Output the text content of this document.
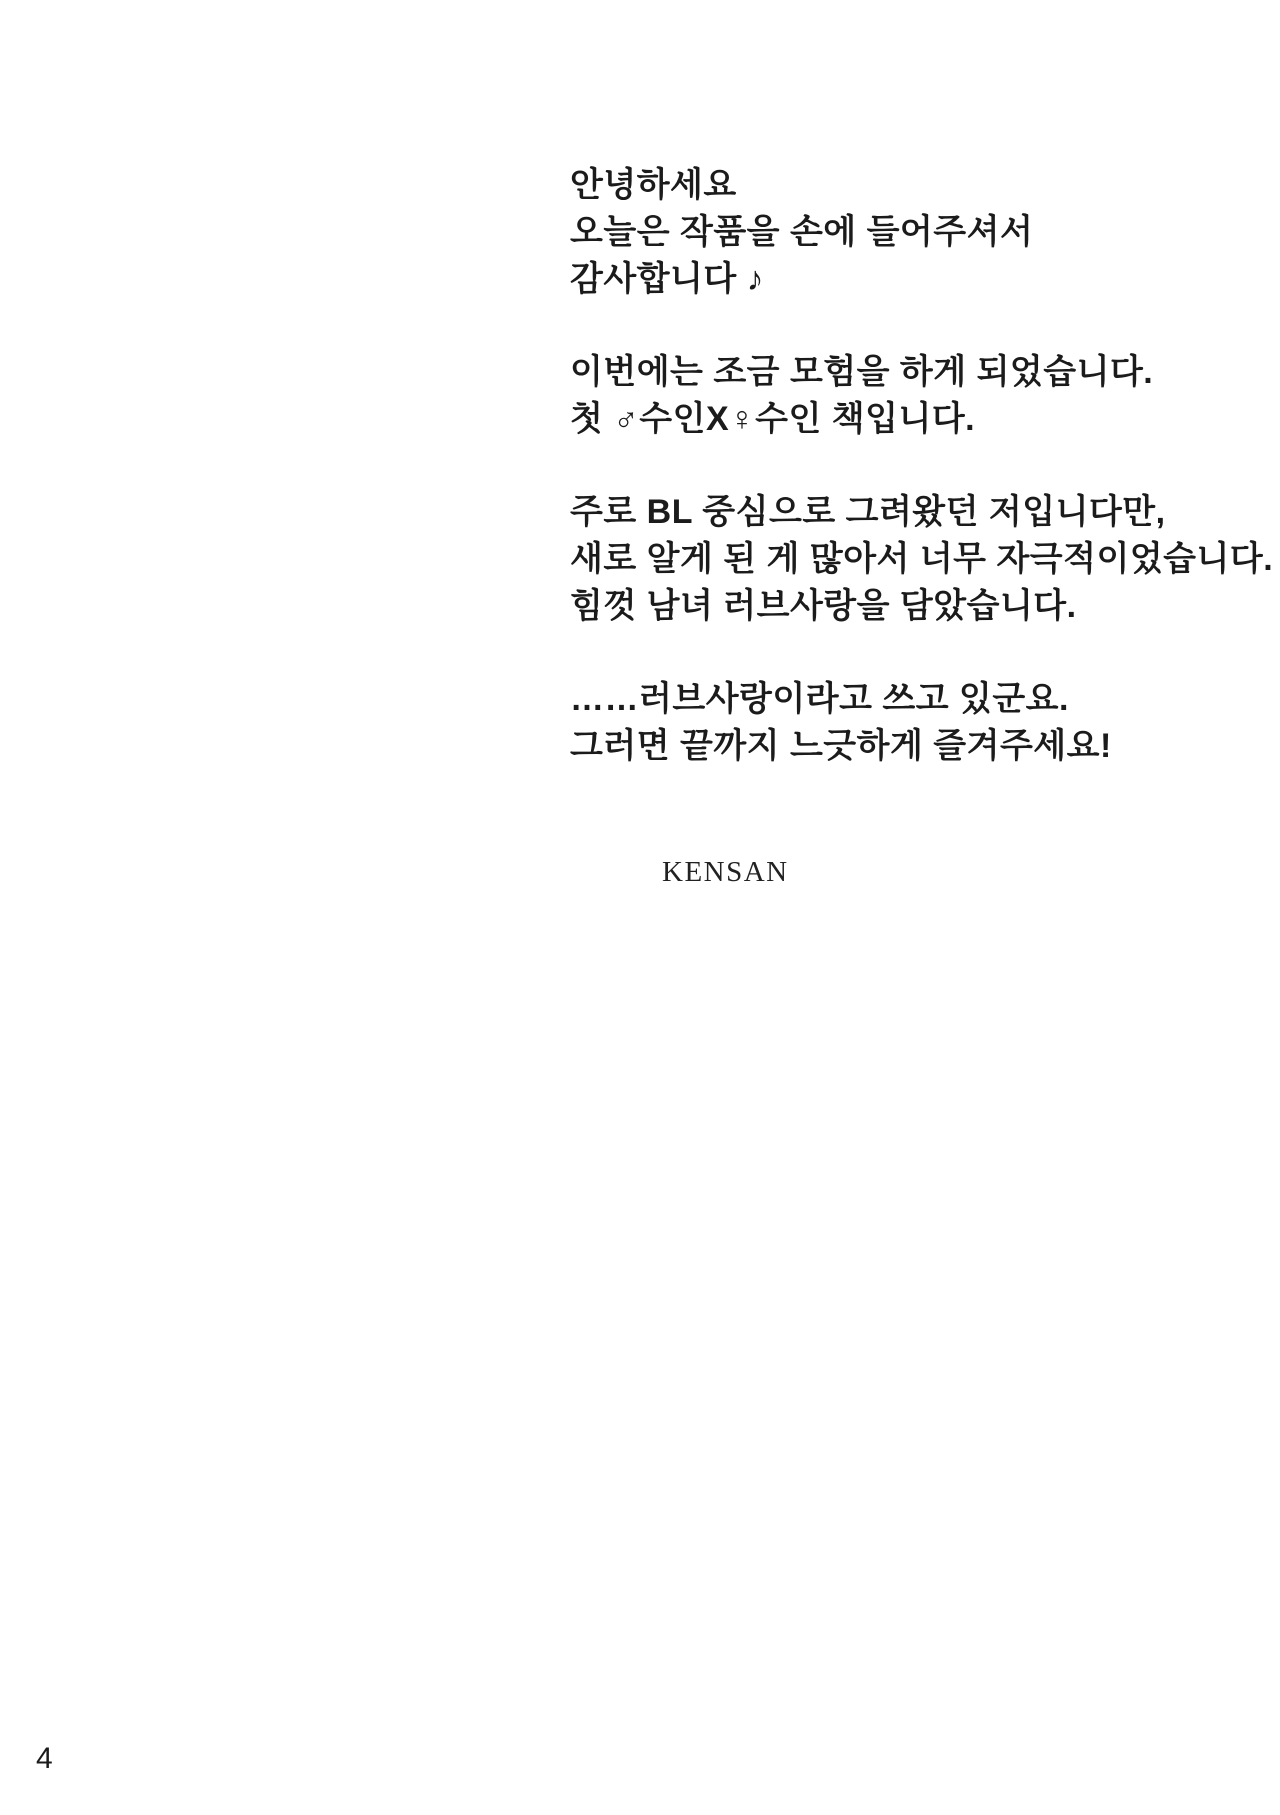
안녕하세요
오늘은 작품을 손에 들어주셔서
감사합니다 ♪
이번에는 조금 모험을 하게 되었습니다.
첫 ♂수인X♀수인 책입니다.
주로 BL 중심으로 그려왔던 저입니다만,
새로 알게 된 게 많아서 너무 자극적이었습니다.
힘껏 남녀 러브사랑을 담았습니다.
……러브사랑이라고 쓰고 있군요.
그러면 끝까지 느긋하게 즐겨주세요!
KENSAN
4
